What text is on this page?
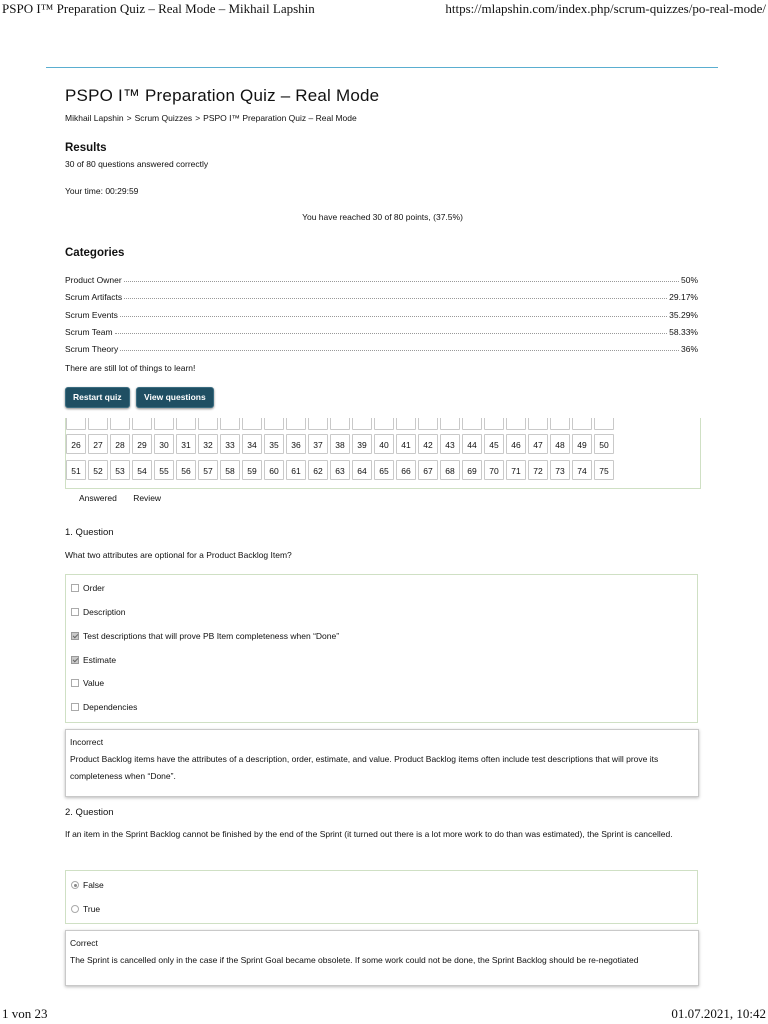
PSPO I™ Preparation Quiz – Real Mode – Mikhail Lapshin	https://mlapshin.com/index.php/scrum-quizzes/po-real-mode/
PSPO I™ Preparation Quiz – Real Mode
Mikhail Lapshin > Scrum Quizzes > PSPO I™ Preparation Quiz – Real Mode
Results
30 of 80 questions answered correctly
Your time: 00:29:59
You have reached 30 of 80 points, (37.5%)
Categories
Product Owner	50%
Scrum Artifacts	29.17%
Scrum Events	35.29%
Scrum Team	58.33%
Scrum Theory	36%
There are still lot of things to learn!
Restart quiz	View questions
26	27	28	29	30	31	32	33	34	35	36	37	38	39	40	41	42	43	44	45	46	47	48	49	50
51	52	53	54	55	56	57	58	59	60	61	62	63	64	65	66	67	68	69	70	71	72	73	74	75
Answered Review
1. Question
What two attributes are optional for a Product Backlog Item?
Order
Description
Test descriptions that will prove PB Item completeness when “Done”
Estimate
Value
Dependencies
Incorrect
Product Backlog items have the attributes of a description, order, estimate, and value. Product Backlog items often include test descriptions that will prove its completeness when “Done”.
2. Question
If an item in the Sprint Backlog cannot be finished by the end of the Sprint (it turned out there is a lot more work to do than was estimated), the Sprint is cancelled.
False
True
Correct
The Sprint is cancelled only in the case if the Sprint Goal became obsolete. If some work could not be done, the Sprint Backlog should be re-negotiated
1 von 23	01.07.2021, 10:42
